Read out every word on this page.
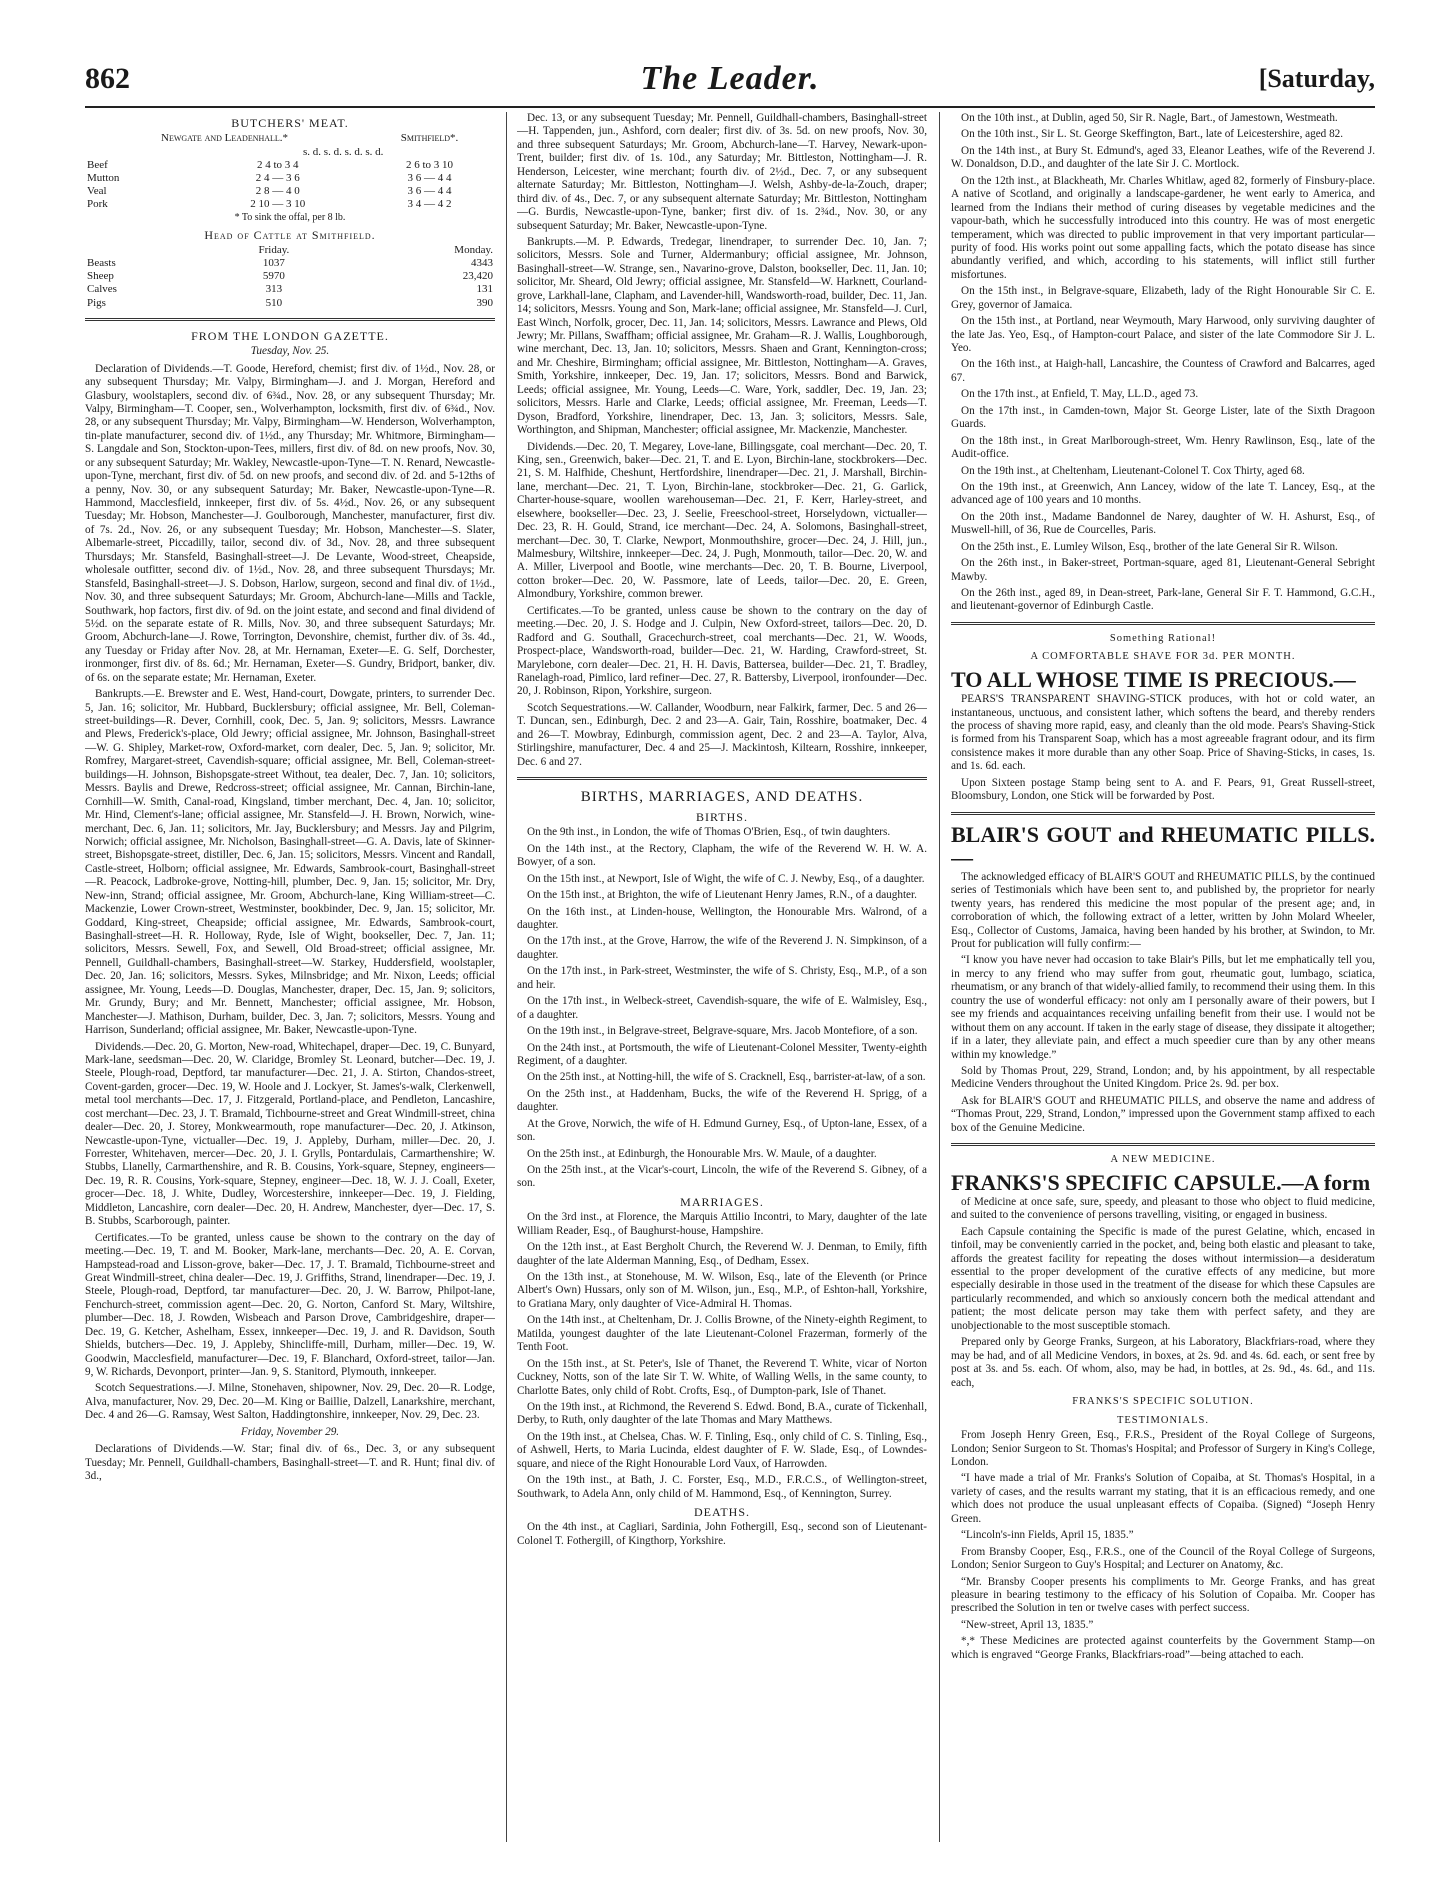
862	The Leader.	[Saturday,
BUTCHERS' MEAT.
Newgate and Leadenhall.*		Smithfield*.
	s. d. s. d. s. d. s. d.	
Beef	2 4 to 3 4	2 6 to 3 10
Mutton	2 4 — 3 6	3 6 — 4 4
Veal	2 8 — 4 0	3 6 — 4 4
Pork	2 10 — 3 10	3 4 — 4 2
* To sink the offal, per 8 lb.
Head of Cattle at Smithfield.
	Friday.	Monday.
Beasts	1037	4343
Sheep	5970	23,420
Calves	313	131
Pigs	510	390
FROM THE LONDON GAZETTE.
Tuesday, Nov. 25.

Declaration of Dividends.—T. Goode, Hereford, chemist; first div. of 1½d., Nov. 28, or any subsequent Thursday; Mr. Valpy, Birmingham—J. and J. Morgan, Hereford and Glasbury, woolstaplers, second div. of 6¾d., Nov. 28, or any subsequent Thursday; Mr. Valpy, Birmingham—T. Cooper, sen., Wolverhampton, locksmith, first div. of 6¾d., Nov. 28, or any subsequent Thursday; Mr. Valpy, Birmingham—W. Henderson, Wolverhampton, tin-plate manufacturer, second div. of 1½d., any Thursday; Mr. Whitmore, Birmingham—S. Langdale and Son, Stockton-upon-Tees, millers, first div. of 8d. on new proofs, Nov. 30, or any subsequent Saturday; Mr. Wakley, Newcastle-upon-Tyne—T. N. Renard, Newcastle-upon-Tyne, merchant, first div. of 5d. on new proofs, and second div. of 2d. and 5-12ths of a penny, Nov. 30, or any subsequent Saturday; Mr. Baker, Newcastle-upon-Tyne—R. Hammond, Macclesfield, innkeeper, first div. of 5s. 4½d., Nov. 26, or any subsequent Tuesday; Mr. Hobson, Manchester—J. Goulborough, Manchester, manufacturer, first div. of 7s. 2d., Nov. 26, or any subsequent Tuesday; Mr. Hobson, Manchester—S. Slater, Albemarle-street, Piccadilly, tailor, second div. of 3d., Nov. 28, and three subsequent Thursdays; Mr. Stansfeld, Basinghall-street—J. De Levante, Wood-street, Cheapside, wholesale outfitter, second div. of 1½d., Nov. 28, and three subsequent Thursdays; Mr. Stansfeld, Basinghall-street—J. S. Dobson, Harlow, surgeon, second and final div. of 1½d., Nov. 30, and three subsequent Saturdays; Mr. Groom, Abchurch-lane—Mills and Tackle, Southwark, hop factors, first div. of 9d. on the joint estate, and second and final dividend of 5½d. on the separate estate of R. Mills, Nov. 30, and three subsequent Saturdays; Mr. Groom, Abchurch-lane—J. Rowe, Torrington, Devonshire, chemist, further div. of 3s. 4d., any Tuesday or Friday after Nov. 28, at Mr. Hernaman, Exeter—E. G. Self, Dorchester, ironmonger, first div. of 8s. 6d.; Mr. Hernaman, Exeter—S. Gundry, Bridport, banker, div. of 6s. on the separate estate; Mr. Hernaman, Exeter.

Bankrupts.—E. Brewster and E. West, Hand-court, Dowgate, printers, to surrender Dec. 5, Jan. 16; solicitor, Mr. Hubbard, Bucklersbury; official assignee, Mr. Bell, Coleman-street-buildings—R. Dever, Cornhill, cook, Dec. 5, Jan. 9; solicitors, Messrs. Lawrance and Plews, Frederick's-place, Old Jewry; official assignee, Mr. Johnson, Basinghall-street—W. G. Shipley, Market-row, Oxford-market, corn dealer, Dec. 5, Jan. 9; solicitor, Mr. Romfrey, Margaret-street, Cavendish-square; official assignee, Mr. Bell, Coleman-street-buildings—H. Johnson, Bishopsgate-street Without, tea dealer, Dec. 7, Jan. 10; solicitors, Messrs. Baylis and Drewe, Redcross-street; official assignee, Mr. Cannan, Birchin-lane, Cornhill—W. Smith, Canal-road, Kingsland, timber merchant, Dec. 4, Jan. 10; solicitor, Mr. Hind, Clement's-lane; official assignee, Mr. Stansfeld—J. H. Brown, Norwich, wine-merchant, Dec. 6, Jan. 11; solicitors, Mr. Jay, Bucklersbury; and Messrs. Jay and Pilgrim, Norwich; official assignee, Mr. Nicholson, Basinghall-street—G. A. Davis, late of Skinner-street, Bishopsgate-street, distiller, Dec. 6, Jan. 15; solicitors, Messrs. Vincent and Randall, Castle-street, Holborn; official assignee, Mr. Edwards, Sambrook-court, Basinghall-street—R. Peacock, Ladbroke-grove, Notting-hill, plumber, Dec. 9, Jan. 15; solicitor, Mr. Dry, New-inn, Strand; official assignee, Mr. Groom, Abchurch-lane, King William-street—C. Mackenzie, Lower Crown-street, Westminster, bookbinder, Dec. 9, Jan. 15; solicitor, Mr. Goddard, King-street, Cheapside; official assignee, Mr. Edwards, Sambrook-court, Basinghall-street—H. R. Holloway, Ryde, Isle of Wight, bookseller, Dec. 7, Jan. 11; solicitors, Messrs. Sewell, Fox, and Sewell, Old Broad-street; official assignee, Mr. Pennell, Guildhall-chambers, Basinghall-street—W. Starkey, Huddersfield, woolstapler, Dec. 20, Jan. 16; solicitors, Messrs. Sykes, Milnsbridge; and Mr. Nixon, Leeds; official assignee, Mr. Young, Leeds—D. Douglas, Manchester, draper, Dec. 15, Jan. 9; solicitors, Mr. Grundy, Bury; and Mr. Bennett, Manchester; official assignee, Mr. Hobson, Manchester—J. Mathison, Durham, builder, Dec. 3, Jan. 7; solicitors, Messrs. Young and Harrison, Sunderland; official assignee, Mr. Baker, Newcastle-upon-Tyne.

Dividends.—Dec. 20, G. Morton, New-road, Whitechapel, draper—Dec. 19, C. Bunyard, Mark-lane, seedsman—Dec. 20, W. Claridge, Bromley St. Leonard, butcher—Dec. 19, J. Steele, Plough-road, Deptford, tar manufacturer—Dec. 21, J. A. Stirton, Chandos-street, Covent-garden, grocer—Dec. 19, W. Hoole and J. Lockyer, St. James's-walk, Clerkenwell, metal tool merchants—Dec. 17, J. Fitzgerald, Portland-place, and Pendleton, Lancashire, cost merchant—Dec. 23, J. T. Bramald, Tichbourne-street and Great Windmill-street, china dealer—Dec. 20, J. Storey, Monkwearmouth, rope manufacturer—Dec. 20, J. Atkinson, Newcastle-upon-Tyne, victualler—Dec. 19, J. Appleby, Durham, miller—Dec. 20, J. Forrester, Whitehaven, mercer—Dec. 20, J. I. Grylls, Pontardulais, Carmarthenshire; W. Stubbs, Llanelly, Carmarthenshire, and R. B. Cousins, York-square, Stepney, engineers—Dec. 19, R. R. Cousins, York-square, Stepney, engineer—Dec. 18, W. J. J. Coall, Exeter, grocer—Dec. 18, J. White, Dudley, Worcestershire, innkeeper—Dec. 19, J. Fielding, Middleton, Lancashire, corn dealer—Dec. 20, H. Andrew, Manchester, dyer—Dec. 17, S. B. Stubbs, Scarborough, painter.

Certificates.—To be granted, unless cause be shown to the contrary on the day of meeting.—Dec. 19, T. and M. Booker, Mark-lane, merchants—Dec. 20, A. E. Corvan, Hampstead-road and Lisson-grove, baker—Dec. 17, J. T. Bramald, Tichbourne-street and Great Windmill-street, china dealer—Dec. 19, J. Griffiths, Strand, linendraper—Dec. 19, J. Steele, Plough-road, Deptford, tar manufacturer—Dec. 20, J. W. Barrow, Philpot-lane, Fenchurch-street, commission agent—Dec. 20, G. Norton, Canford St. Mary, Wiltshire, plumber—Dec. 18, J. Rowden, Wisbeach and Parson Drove, Cambridgeshire, draper—Dec. 19, G. Ketcher, Ashelham, Essex, innkeeper—Dec. 19, J. and R. Davidson, South Shields, butchers—Dec. 19, J. Appleby, Shincliffe-mill, Durham, miller—Dec. 19, W. Goodwin, Macclesfield, manufacturer—Dec. 19, F. Blanchard, Oxford-street, tailor—Jan. 9, W. Richards, Devonport, printer—Jan. 9, S. Stanitord, Plymouth, innkeeper.

Scotch Sequestrations.—J. Milne, Stonehaven, shipowner, Nov. 29, Dec. 20—R. Lodge, Alva, manufacturer, Nov. 29, Dec. 20—M. King or Baillie, Dalzell, Lanarkshire, merchant, Dec. 4 and 26—G. Ramsay, West Salton, Haddingtonshire, innkeeper, Nov. 29, Dec. 23.

Friday, November 29.

Declarations of Dividends.—W. Star; final div. of 6s., Dec. 3, or any subsequent Tuesday; Mr. Pennell, Guildhall-chambers, Basinghall-street—T. and R. Hunt; final div. of 3d.,

Dec. 13, or any subsequent Tuesday; Mr. Pennell, Guildhall-chambers, Basinghall-street—H. Tappenden, jun., Ashford, corn dealer; first div. of 3s. 5d. on new proofs, Nov. 30, and three subsequent Saturdays; Mr. Groom, Abchurch-lane—T. Harvey, Newark-upon-Trent, builder; first div. of 1s. 10d., any Saturday; Mr. Bittleston, Nottingham—J. R. Henderson, Leicester, wine merchant; fourth div. of 2½d., Dec. 7, or any subsequent alternate Saturday; Mr. Bittleston, Nottingham—J. Welsh, Ashby-de-la-Zouch, draper; third div. of 4s., Dec. 7, or any subsequent alternate Saturday; Mr. Bittleston, Nottingham—G. Burdis, Newcastle-upon-Tyne, banker; first div. of 1s. 2¾d., Nov. 30, or any subsequent Saturday; Mr. Baker, Newcastle-upon-Tyne.

Bankrupts.—M. P. Edwards, Tredegar, linendraper, to surrender Dec. 10, Jan. 7; solicitors, Messrs. Sole and Turner, Aldermanbury; official assignee, Mr. Johnson, Basinghall-street—W. Strange, sen., Navarino-grove, Dalston, bookseller, Dec. 11, Jan. 10; solicitor, Mr. Sheard, Old Jewry; official assignee, Mr. Stansfeld—W. Harknett, Courland-grove, Larkhall-lane, Clapham, and Lavender-hill, Wandsworth-road, builder, Dec. 11, Jan. 14; solicitors, Messrs. Young and Son, Mark-lane; official assignee, Mr. Stansfeld—J. Curl, East Winch, Norfolk, grocer, Dec. 11, Jan. 14; solicitors, Messrs. Lawrance and Plews, Old Jewry; Mr. Pillans, Swaffham; official assignee, Mr. Graham—R. J. Wallis, Loughborough, wine merchant, Dec. 13, Jan. 10; solicitors, Messrs. Shaen and Grant, Kennington-cross; and Mr. Cheshire, Birmingham; official assignee, Mr. Bittleston, Nottingham—A. Graves, Smith, Yorkshire, innkeeper, Dec. 19, Jan. 17; solicitors, Messrs. Bond and Barwick, Leeds; official assignee, Mr. Young, Leeds—C. Ware, York, saddler, Dec. 19, Jan. 23; solicitors, Messrs. Harle and Clarke, Leeds; official assignee, Mr. Freeman, Leeds—T. Dyson, Bradford, Yorkshire, linendraper, Dec. 13, Jan. 3; solicitors, Messrs. Sale, Worthington, and Shipman, Manchester; official assignee, Mr. Mackenzie, Manchester.

Dividends.—Dec. 20, T. Megarey, Love-lane, Billingsgate, coal merchant—Dec. 20, T. King, sen., Greenwich, baker—Dec. 21, T. and E. Lyon, Birchin-lane, stockbrokers—Dec. 21, S. M. Halfhide, Cheshunt, Hertfordshire, linendraper—Dec. 21, J. Marshall, Birchin-lane, merchant—Dec. 21, T. Lyon, Birchin-lane, stockbroker—Dec. 21, G. Garlick, Charter-house-square, woollen warehouseman—Dec. 21, F. Kerr, Harley-street, and elsewhere, bookseller—Dec. 23, J. Seelie, Freeschool-street, Horselydown, victualler—Dec. 23, R. H. Gould, Strand, ice merchant—Dec. 24, A. Solomons, Basinghall-street, merchant—Dec. 30, T. Clarke, Newport, Monmouthshire, grocer—Dec. 24, J. Hill, jun., Malmesbury, Wiltshire, innkeeper—Dec. 24, J. Pugh, Monmouth, tailor—Dec. 20, W. and A. Miller, Liverpool and Bootle, wine merchants—Dec. 20, T. B. Bourne, Liverpool, cotton broker—Dec. 20, W. Passmore, late of Leeds, tailor—Dec. 20, E. Green, Almondbury, Yorkshire, common brewer.

Certificates.—To be granted, unless cause be shown to the contrary on the day of meeting.—Dec. 20, J. S. Hodge and J. Culpin, New Oxford-street, tailors—Dec. 20, D. Radford and G. Southall, Gracechurch-street, coal merchants—Dec. 21, W. Woods, Prospect-place, Wandsworth-road, builder—Dec. 21, W. Harding, Crawford-street, St. Marylebone, corn dealer—Dec. 21, H. H. Davis, Battersea, builder—Dec. 21, T. Bradley, Ranelagh-road, Pimlico, lard refiner—Dec. 27, R. Battersby, Liverpool, ironfounder—Dec. 20, J. Robinson, Ripon, Yorkshire, surgeon.

Scotch Sequestrations.—W. Callander, Woodburn, near Falkirk, farmer, Dec. 5 and 26—T. Duncan, sen., Edinburgh, Dec. 2 and 23—A. Gair, Tain, Rosshire, boatmaker, Dec. 4 and 26—T. Mowbray, Edinburgh, commission agent, Dec. 2 and 23—A. Taylor, Alva, Stirlingshire, manufacturer, Dec. 4 and 25—J. Mackintosh, Kiltearn, Rosshire, innkeeper, Dec. 6 and 27.

BIRTHS, MARRIAGES, AND DEATHS.
BIRTHS.

On the 9th inst., in London, the wife of Thomas O'Brien, Esq., of twin daughters.

On the 14th inst., at the Rectory, Clapham, the wife of the Reverend W. H. W. A. Bowyer, of a son.

On the 15th inst., at Newport, Isle of Wight, the wife of C. J. Newby, Esq., of a daughter.

On the 15th inst., at Brighton, the wife of Lieutenant Henry James, R.N., of a daughter.

On the 16th inst., at Linden-house, Wellington, the Honourable Mrs. Walrond, of a daughter.

On the 17th inst., at the Grove, Harrow, the wife of the Reverend J. N. Simpkinson, of a daughter.

On the 17th inst., in Park-street, Westminster, the wife of S. Christy, Esq., M.P., of a son and heir.

On the 17th inst., in Welbeck-street, Cavendish-square, the wife of E. Walmisley, Esq., of a daughter.

On the 19th inst., in Belgrave-street, Belgrave-square, Mrs. Jacob Montefiore, of a son.

On the 24th inst., at Portsmouth, the wife of Lieutenant-Colonel Messiter, Twenty-eighth Regiment, of a daughter.

On the 25th inst., at Notting-hill, the wife of S. Cracknell, Esq., barrister-at-law, of a son.

On the 25th inst., at Haddenham, Bucks, the wife of the Reverend H. Sprigg, of a daughter.

At the Grove, Norwich, the wife of H. Edmund Gurney, Esq., of Upton-lane, Essex, of a son.

On the 25th inst., at Edinburgh, the Honourable Mrs. W. Maule, of a daughter.

On the 25th inst., at the Vicar's-court, Lincoln, the wife of the Reverend S. Gibney, of a son.

MARRIAGES.

On the 3rd inst., at Florence, the Marquis Attilio Incontri, to Mary, daughter of the late William Reader, Esq., of Baughurst-house, Hampshire.

On the 12th inst., at East Bergholt Church, the Reverend W. J. Denman, to Emily, fifth daughter of the late Alderman Manning, Esq., of Dedham, Essex.

On the 13th inst., at Stonehouse, M. W. Wilson, Esq., late of the Eleventh (or Prince Albert's Own) Hussars, only son of M. Wilson, jun., Esq., M.P., of Eshton-hall, Yorkshire, to Gratiana Mary, only daughter of Vice-Admiral H. Thomas.

On the 14th inst., at Cheltenham, Dr. J. Collis Browne, of the Ninety-eighth Regiment, to Matilda, youngest daughter of the late Lieutenant-Colonel Frazerman, formerly of the Tenth Foot.

On the 15th inst., at St. Peter's, Isle of Thanet, the Reverend T. White, vicar of Norton Cuckney, Notts, son of the late Sir T. W. White, of Walling Wells, in the same county, to Charlotte Bates, only child of Robt. Crofts, Esq., of Dumpton-park, Isle of Thanet.

On the 19th inst., at Richmond, the Reverend S. Edwd. Bond, B.A., curate of Tickenhall, Derby, to Ruth, only daughter of the late Thomas and Mary Matthews.

On the 19th inst., at Chelsea, Chas. W. F. Tinling, Esq., only child of C. S. Tinling, Esq., of Ashwell, Herts, to Maria Lucinda, eldest daughter of F. W. Slade, Esq., of Lowndes-square, and niece of the Right Honourable Lord Vaux, of Harrowden.

On the 19th inst., at Bath, J. C. Forster, Esq., M.D., F.R.C.S., of Wellington-street, Southwark, to Adela Ann, only child of M. Hammond, Esq., of Kennington, Surrey.

DEATHS.

On the 4th inst., at Cagliari, Sardinia, John Fothergill, Esq., second son of Lieutenant-Colonel T. Fothergill, of Kingthorp, Yorkshire.

On the 10th inst., at Dublin, aged 50, Sir R. Nagle, Bart., of Jamestown, Westmeath.

On the 10th inst., Sir L. St. George Skeffington, Bart., late of Leicestershire, aged 82.

On the 14th inst., at Bury St. Edmund's, aged 33, Eleanor Leathes, wife of the Reverend J. W. Donaldson, D.D., and daughter of the late Sir J. C. Mortlock.

On the 12th inst., at Blackheath, Mr. Charles Whitlaw, aged 82, formerly of Finsbury-place. A native of Scotland, and originally a landscape-gardener, he went early to America, and learned from the Indians their method of curing diseases by vegetable medicines and the vapour-bath, which he successfully introduced into this country. He was of most energetic temperament, which was directed to public improvement in that very important particular—purity of food. His works point out some appalling facts, which the potato disease has since abundantly verified, and which, according to his statements, will inflict still further misfortunes.

On the 15th inst., in Belgrave-square, Elizabeth, lady of the Right Honourable Sir C. E. Grey, governor of Jamaica.

On the 15th inst., at Portland, near Weymouth, Mary Harwood, only surviving daughter of the late Jas. Yeo, Esq., of Hampton-court Palace, and sister of the late Commodore Sir J. L. Yeo.

On the 16th inst., at Haigh-hall, Lancashire, the Countess of Crawford and Balcarres, aged 67.

On the 17th inst., at Enfield, T. May, LL.D., aged 73.

On the 17th inst., in Camden-town, Major St. George Lister, late of the Sixth Dragoon Guards.

On the 18th inst., in Great Marlborough-street, Wm. Henry Rawlinson, Esq., late of the Audit-office.

On the 19th inst., at Cheltenham, Lieutenant-Colonel T. Cox Thirty, aged 68.

On the 19th inst., at Greenwich, Ann Lancey, widow of the late T. Lancey, Esq., at the advanced age of 100 years and 10 months.

On the 20th inst., Madame Bandonnel de Narey, daughter of W. H. Ashurst, Esq., of Muswell-hill, of 36, Rue de Courcelles, Paris.

On the 25th inst., E. Lumley Wilson, Esq., brother of the late General Sir R. Wilson.

On the 26th inst., in Baker-street, Portman-square, aged 81, Lieutenant-General Sebright Mawby.

On the 26th inst., aged 89, in Dean-street, Park-lane, General Sir F. T. Hammond, G.C.H., and lieutenant-governor of Edinburgh Castle.

Something Rational!
A COMFORTABLE SHAVE FOR 3d. PER MONTH.
TO ALL WHOSE TIME IS PRECIOUS.—

PEARS'S TRANSPARENT SHAVING-STICK produces, with hot or cold water, an instantaneous, unctuous, and consistent lather, which softens the beard, and thereby renders the process of shaving more rapid, easy, and cleanly than the old mode. Pears's Shaving-Stick is formed from his Transparent Soap, which has a most agreeable fragrant odour, and its firm consistence makes it more durable than any other Soap. Price of Shaving-Sticks, in cases, 1s. and 1s. 6d. each.

Upon Sixteen postage Stamp being sent to A. and F. Pears, 91, Great Russell-street, Bloomsbury, London, one Stick will be forwarded by Post.

BLAIR'S GOUT and RHEUMATIC PILLS.—

The acknowledged efficacy of BLAIR'S GOUT and RHEUMATIC PILLS, by the continued series of Testimonials which have been sent to, and published by, the proprietor for nearly twenty years, has rendered this medicine the most popular of the present age; and, in corroboration of which, the following extract of a letter, written by John Molard Wheeler, Esq., Collector of Customs, Jamaica, having been handed by his brother, at Swindon, to Mr. Prout for publication will fully confirm:—

“I know you have never had occasion to take Blair's Pills, but let me emphatically tell you, in mercy to any friend who may suffer from gout, rheumatic gout, lumbago, sciatica, rheumatism, or any branch of that widely-allied family, to recommend their using them. In this country the use of wonderful efficacy: not only am I personally aware of their powers, but I see my friends and acquaintances receiving unfailing benefit from their use. I would not be without them on any account. If taken in the early stage of disease, they dissipate it altogether; if in a later, they alleviate pain, and effect a much speedier cure than by any other means within my knowledge.”

Sold by Thomas Prout, 229, Strand, London; and, by his appointment, by all respectable Medicine Venders throughout the United Kingdom. Price 2s. 9d. per box.

Ask for BLAIR'S GOUT and RHEUMATIC PILLS, and observe the name and address of “Thomas Prout, 229, Strand, London,” impressed upon the Government stamp affixed to each box of the Genuine Medicine.

A NEW MEDICINE.
FRANKS'S SPECIFIC CAPSULE.—A form

of Medicine at once safe, sure, speedy, and pleasant to those who object to fluid medicine, and suited to the convenience of persons travelling, visiting, or engaged in business.

Each Capsule containing the Specific is made of the purest Gelatine, which, encased in tinfoil, may be conveniently carried in the pocket, and, being both elastic and pleasant to take, affords the greatest facility for repeating the doses without intermission—a desideratum essential to the proper development of the curative effects of any medicine, but more especially desirable in those used in the treatment of the disease for which these Capsules are particularly recommended, and which so anxiously concern both the medical attendant and patient; the most delicate person may take them with perfect safety, and they are unobjectionable to the most susceptible stomach.

Prepared only by George Franks, Surgeon, at his Laboratory, Blackfriars-road, where they may be had, and of all Medicine Vendors, in boxes, at 2s. 9d. and 4s. 6d. each, or sent free by post at 3s. and 5s. each. Of whom, also, may be had, in bottles, at 2s. 9d., 4s. 6d., and 11s. each,

FRANKS'S SPECIFIC SOLUTION.
TESTIMONIALS.

From Joseph Henry Green, Esq., F.R.S., President of the Royal College of Surgeons, London; Senior Surgeon to St. Thomas's Hospital; and Professor of Surgery in King's College, London.

“I have made a trial of Mr. Franks's Solution of Copaiba, at St. Thomas's Hospital, in a variety of cases, and the results warrant my stating, that it is an efficacious remedy, and one which does not produce the usual unpleasant effects of Copaiba. (Signed) “Joseph Henry Green.

“Lincoln's-inn Fields, April 15, 1835.”

From Bransby Cooper, Esq., F.R.S., one of the Council of the Royal College of Surgeons, London; Senior Surgeon to Guy's Hospital; and Lecturer on Anatomy, &c.

“Mr. Bransby Cooper presents his compliments to Mr. George Franks, and has great pleasure in bearing testimony to the efficacy of his Solution of Copaiba. Mr. Cooper has prescribed the Solution in ten or twelve cases with perfect success.

“New-street, April 13, 1835.”

*,* These Medicines are protected against counterfeits by the Government Stamp—on which is engraved “George Franks, Blackfriars-road”—being attached to each.
